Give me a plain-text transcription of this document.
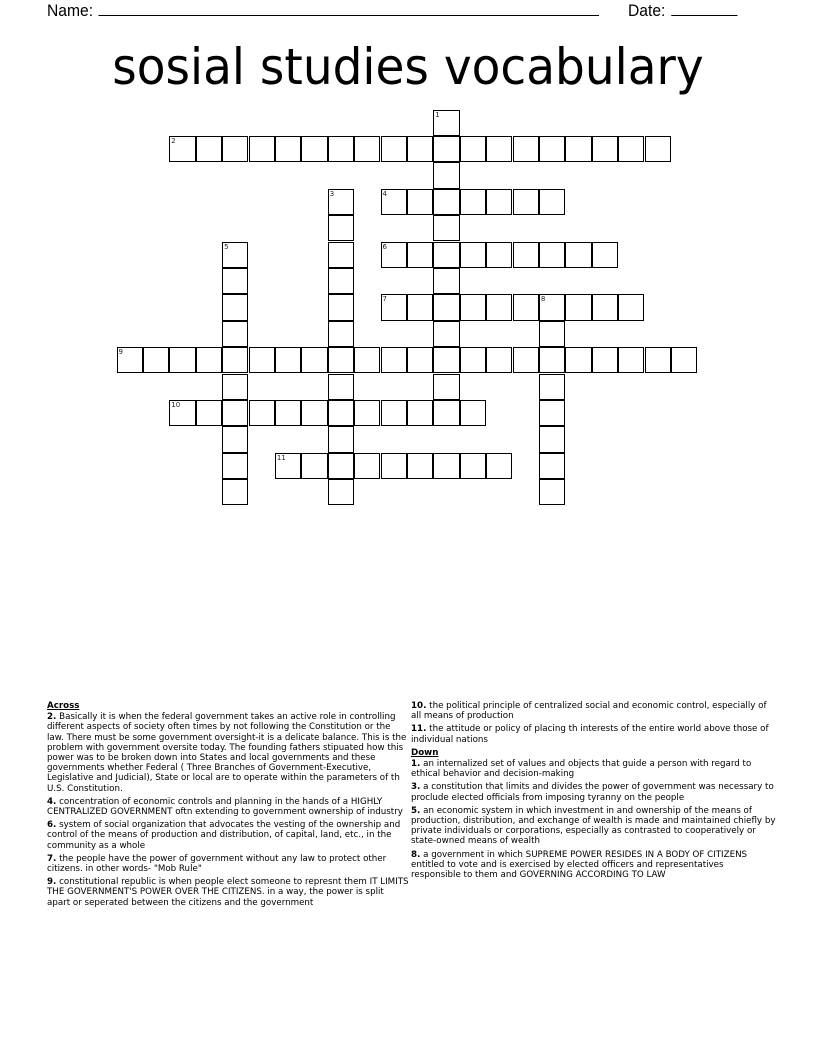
Name:	Date:
sosial studies vocabulary
1
2
3	4
5	6
7	8
9
10
11
Across
2. Basically it is when the federal government takes an active role in controlling different aspects of society often times by not following the Constitution or the law. There must be some government oversight-it is a delicate balance. This is the problem with government oversite today. The founding fathers stipuated how this power was to be broken down into States and local governments and these governments whether Federal ( Three Branches of Government-Executive, Legislative and Judicial), State or local are to operate within the parameters of th U.S. Constitution.
4. concentration of economic controls and planning in the hands of a HIGHLY CENTRALIZED GOVERNMENT oftn extending to government ownership of industry
6. system of social organization that advocates the vesting of the ownership and control of the means of production and distribution, of capital, land, etc., in the community as a whole
7. the people have the power of government without any law to protect other citizens. in other words- "Mob Rule"
9. constitutional republic is when people elect someone to represnt them IT LIMITS THE GOVERNMENT'S POWER OVER THE CITIZENS. in a way, the power is split apart or seperated between the citizens and the government
10. the political principle of centralized social and economic control, especially of all means of production
11. the attitude or policy of placing th interests of the entire world above those of individual nations
Down
1. an internalized set of values and objects that guide a person with regard to ethical behavior and decision-making
3. a constitution that limits and divides the power of government was necessary to proclude elected officials from imposing tyranny on the people
5. an economic system in which investment in and ownership of the means of production, distribution, and exchange of wealth is made and maintained chiefly by private individuals or corporations, especially as contrasted to cooperatively or state-owned means of wealth
8. a government in which SUPREME POWER RESIDES IN A BODY OF CITIZENS entitled to vote and is exercised by elected officers and representatives responsible to them and GOVERNING ACCORDING TO LAW
